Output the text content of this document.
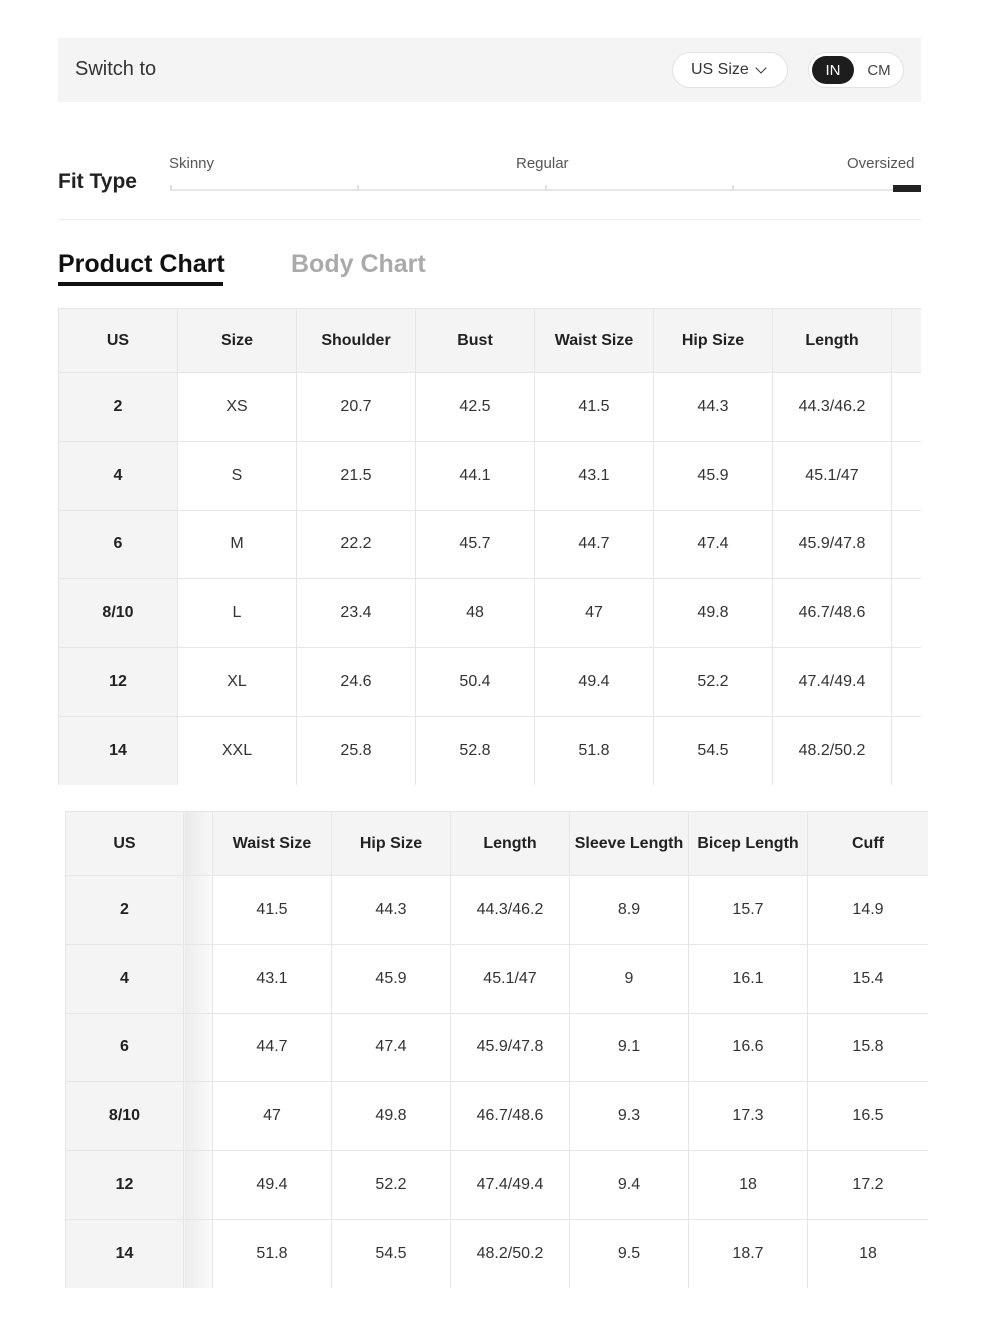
Switch to	US Size	IN	CM
Fit Type
Skinny	Regular	Oversized
Product Chart	Body Chart
US	Size	Shoulder	Bust	Waist Size	Hip Size	Length	
2	XS	20.7	42.5	41.5	44.3	44.3/46.2	
4	S	21.5	44.1	43.1	45.9	45.1/47	
6	M	22.2	45.7	44.7	47.4	45.9/47.8	
8/10	L	23.4	48	47	49.8	46.7/48.6	
12	XL	24.6	50.4	49.4	52.2	47.4/49.4	
14	XXL	25.8	52.8	51.8	54.5	48.2/50.2	
US		Waist Size	Hip Size	Length	Sleeve Length	Bicep Length	Cuff
2		41.5	44.3	44.3/46.2	8.9	15.7	14.9
4		43.1	45.9	45.1/47	9	16.1	15.4
6		44.7	47.4	45.9/47.8	9.1	16.6	15.8
8/10		47	49.8	46.7/48.6	9.3	17.3	16.5
12		49.4	52.2	47.4/49.4	9.4	18	17.2
14		51.8	54.5	48.2/50.2	9.5	18.7	18
